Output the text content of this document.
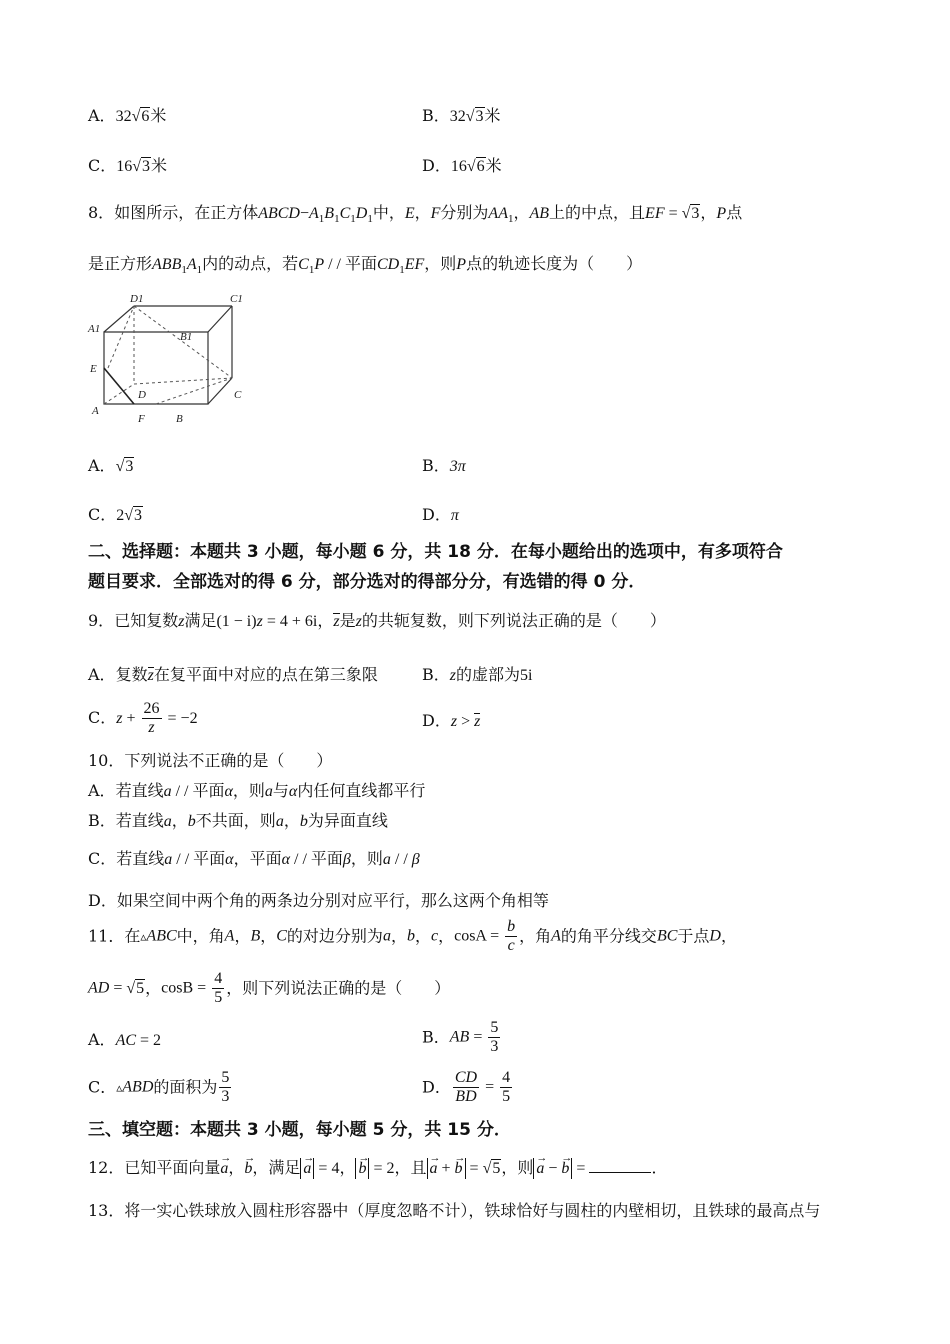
A．32√6米	B．32√3米
C．16√3米	D．16√6米
8．如图所示，在正方体$ABCD-A_1B_1C_1D_1$中，E，F分别为$AA_1$，AB上的中点，且EF = √3，P点
是正方形$ABB_1A_1$内的动点，若$C_1P$ / / 平面$CD_1EF$，则P点的轨迹长度为（　　）
D1	C1
A1
B1
E
D	C
A
F	B
A．√3	B．3π
C．2√3	D．π
二、选择题：本题共 3 小题，每小题 6 分，共 18 分．在每小题给出的选项中，有多项符合
题目要求．全部选对的得 6 分，部分选对的得部分分，有选错的得 0 分．
9．已知复数z满足(1 − i)z = 4 + 6i，z是z的共轭复数，则下列说法正确的是（　　）
A．复数z在复平面中对应的点在第三象限	B．z的虚部为5i
C．$z + \frac{26}{z} = -2$	D．z > z
10．下列说法不正确的是（　　）
A．若直线a / / 平面α，则a与α内任何直线都平行
B．若直线a，b不共面，则a，b为异面直线
C．若直线a / / 平面α，平面α / / 平面β，则a / / β
D．如果空间中两个角的两条边分别对应平行，那么这两个角相等
11．在▵ABC中，角A，B，C的对边分别为a，b，c，$\cos A = \frac{b}{c}$ ，角A的角平分线交BC于点D，
AD = √5，$\cos B = \frac{4}{5}$ ，则下列说法正确的是（　　）
A．AC = 2	B．AB = $\frac{5}{3}$
C．▵ABD的面积为 $\frac{5}{3}$	D． $\frac{CD}{BD} = \frac{4}{5}$
三、填空题：本题共 3 小题，每小题 5 分，共 15 分．
12．已知平面向量→ a，→ b，满足 → a = 4， → b = 2，且 → a + → b = √5，则 → a − → b =	．
13．将一实心铁球放入圆柱形容器中（厚度忽略不计），铁球恰好与圆柱的内壁相切，且铁球的最高点与
